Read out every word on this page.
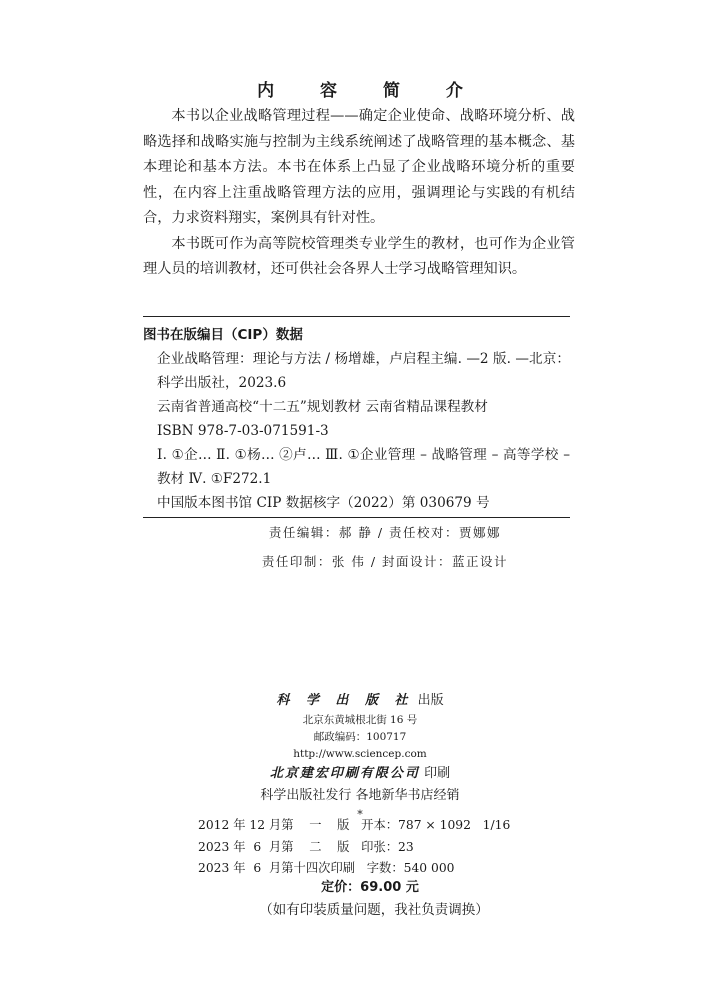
内 容 简 介

本书以企业战略管理过程——确定企业使命、战略环境分析、战略选择和战略实施与控制为主线系统阐述了战略管理的基本概念、基本理论和基本方法。本书在体系上凸显了企业战略环境分析的重要性，在内容上注重战略管理方法的应用，强调理论与实践的有机结合，力求资料翔实，案例具有针对性。

本书既可作为高等院校管理类专业学生的教材，也可作为企业管理人员的培训教材，还可供社会各界人士学习战略管理知识。

图书在版编目（CIP）数据
企业战略管理：理论与方法 / 杨增雄，卢启程主编. —2 版. —北京：科学出版社，2023.6
云南省普通高校“十二五”规划教材 云南省精品课程教材
ISBN 978-7-03-071591-3
Ⅰ. ①企… Ⅱ. ①杨… ②卢… Ⅲ. ①企业管理 – 战略管理 – 高等学校 – 教材 Ⅳ. ①F272.1
中国版本图书馆 CIP 数据核字（2022）第 030679 号
责任编辑：郝 静 / 责任校对：贾娜娜
责任印制：张 伟 / 封面设计：蓝正设计
科 学 出 版 社 出版
北京东黄城根北街 16 号
邮政编码：100717
http://www.sciencep.com
北京建宏印刷有限公司 印刷
科学出版社发行 各地新华书店经销
*
2012 年 12 月第    一    版   开本：787 × 1092   1/16
2023 年  6  月第    二    版   印张：23
2023 年  6  月第十四次印刷   字数：540 000
定价：69.00 元
（如有印装质量问题，我社负责调换）
